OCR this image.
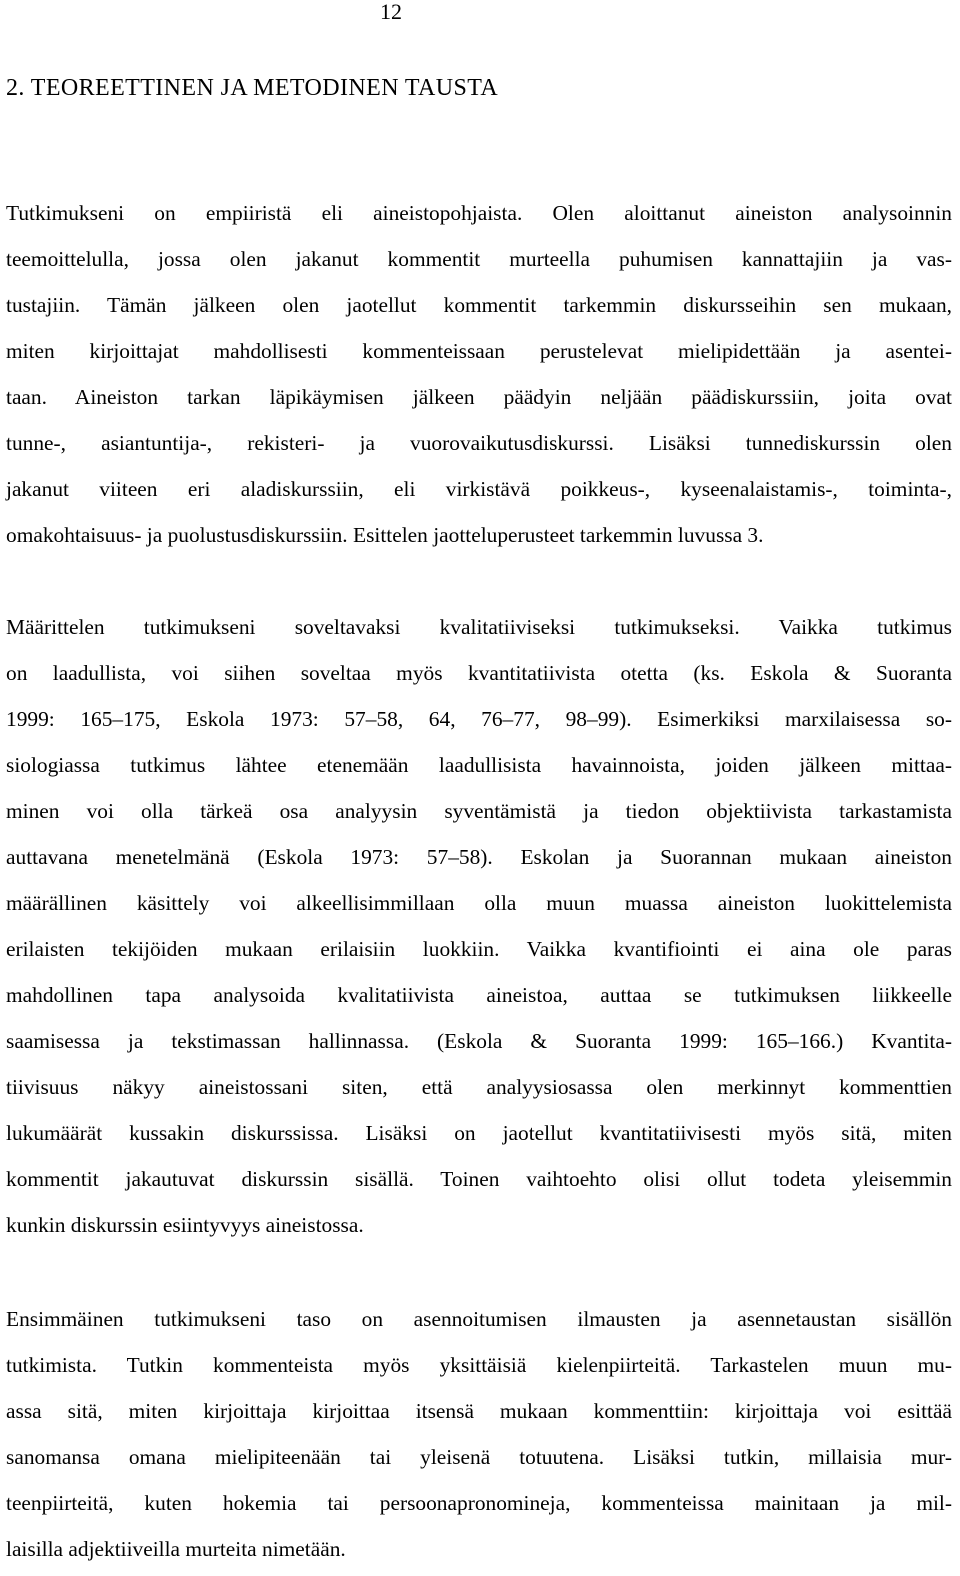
12
2. TEOREETTINEN JA METODINEN TAUSTA
Tutkimukseni on empiiristä eli aineistopohjaista. Olen aloittanut aineiston analysoinnin
teemoittelulla, jossa olen jakanut kommentit murteella puhumisen kannattajiin ja vas-
tustajiin. Tämän jälkeen olen jaotellut kommentit tarkemmin diskursseihin sen mukaan,
miten kirjoittajat mahdollisesti kommenteissaan perustelevat mielipidettään ja asentei-
taan. Aineiston tarkan läpikäymisen jälkeen päädyin neljään päädiskurssiin, joita ovat
tunne-, asiantuntija-, rekisteri- ja vuorovaikutusdiskurssi. Lisäksi tunnediskurssin olen
jakanut viiteen eri aladiskurssiin, eli virkistävä poikkeus-, kyseenalaistamis-, toiminta-,
omakohtaisuus- ja puolustusdiskurssiin. Esittelen jaotteluperusteet tarkemmin luvussa 3.
Määrittelen tutkimukseni soveltavaksi kvalitatiiviseksi tutkimukseksi. Vaikka tutkimus
on laadullista, voi siihen soveltaa myös kvantitatiivista otetta (ks. Eskola & Suoranta
1999: 165–175, Eskola 1973: 57–58, 64, 76–77, 98–99). Esimerkiksi marxilaisessa so-
siologiassa tutkimus lähtee etenemään laadullisista havainnoista, joiden jälkeen mittaa-
minen voi olla tärkeä osa analyysin syventämistä ja tiedon objektiivista tarkastamista
auttavana menetelmänä (Eskola 1973: 57–58). Eskolan ja Suorannan mukaan aineiston
määrällinen käsittely voi alkeellisimmillaan olla muun muassa aineiston luokittelemista
erilaisten tekijöiden mukaan erilaisiin luokkiin. Vaikka kvantifiointi ei aina ole paras
mahdollinen tapa analysoida kvalitatiivista aineistoa, auttaa se tutkimuksen liikkeelle
saamisessa ja tekstimassan hallinnassa. (Eskola & Suoranta 1999: 165–166.) Kvantita-
tiivisuus näkyy aineistossani siten, että analyysiosassa olen merkinnyt kommenttien
lukumäärät kussakin diskurssissa. Lisäksi on jaotellut kvantitatiivisesti myös sitä, miten
kommentit jakautuvat diskurssin sisällä. Toinen vaihtoehto olisi ollut todeta yleisemmin
kunkin diskurssin esiintyvyys aineistossa.
Ensimmäinen tutkimukseni taso on asennoitumisen ilmausten ja asennetaustan sisällön
tutkimista. Tutkin kommenteista myös yksittäisiä kielenpiirteitä. Tarkastelen muun mu-
assa sitä, miten kirjoittaja kirjoittaa itsensä mukaan kommenttiin: kirjoittaja voi esittää
sanomansa omana mielipiteenään tai yleisenä totuutena. Lisäksi tutkin, millaisia mur-
teenpiirteitä, kuten hokemia tai persoonapronomineja, kommenteissa mainitaan ja mil-
laisilla adjektiiveilla murteita nimetään.
